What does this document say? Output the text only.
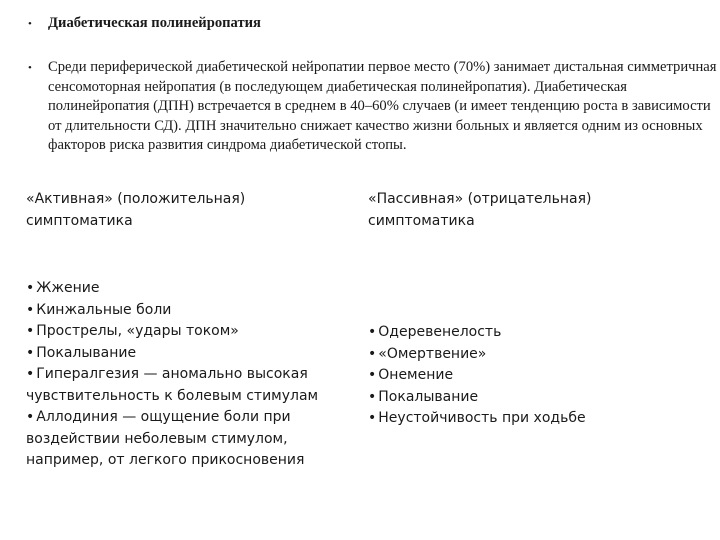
• Диабетическая полинейропатия
• Среди периферической диабетической нейропатии первое место (70%) занимает дистальная симметричная сенсомоторная нейропатия (в последующем диабетическая полинейропатия). Диабетическая полинейропатия (ДПН) встречается в среднем в 40–60% случаев (и имеет тенденцию роста в зависимости от длительности СД). ДПН значительно снижает качество жизни больных и является одним из основных факторов риска развития синдрома диабетической стопы.

«Активная» (положительная) симптоматика

• Жжение
• Кинжальные боли
• Прострелы, «удары током»
• Покалывание
• Гипералгезия — аномально высокая чувствительность к болевым стимулам
• Аллодиния — ощущение боли при воздействии неболевым стимулом, например, от легкого прикосновения

«Пассивная» (отрицательная) симптоматика

• Одеревенелость
• «Омертвение»
• Онемение
• Покалывание
• Неустойчивость при ходьбе
